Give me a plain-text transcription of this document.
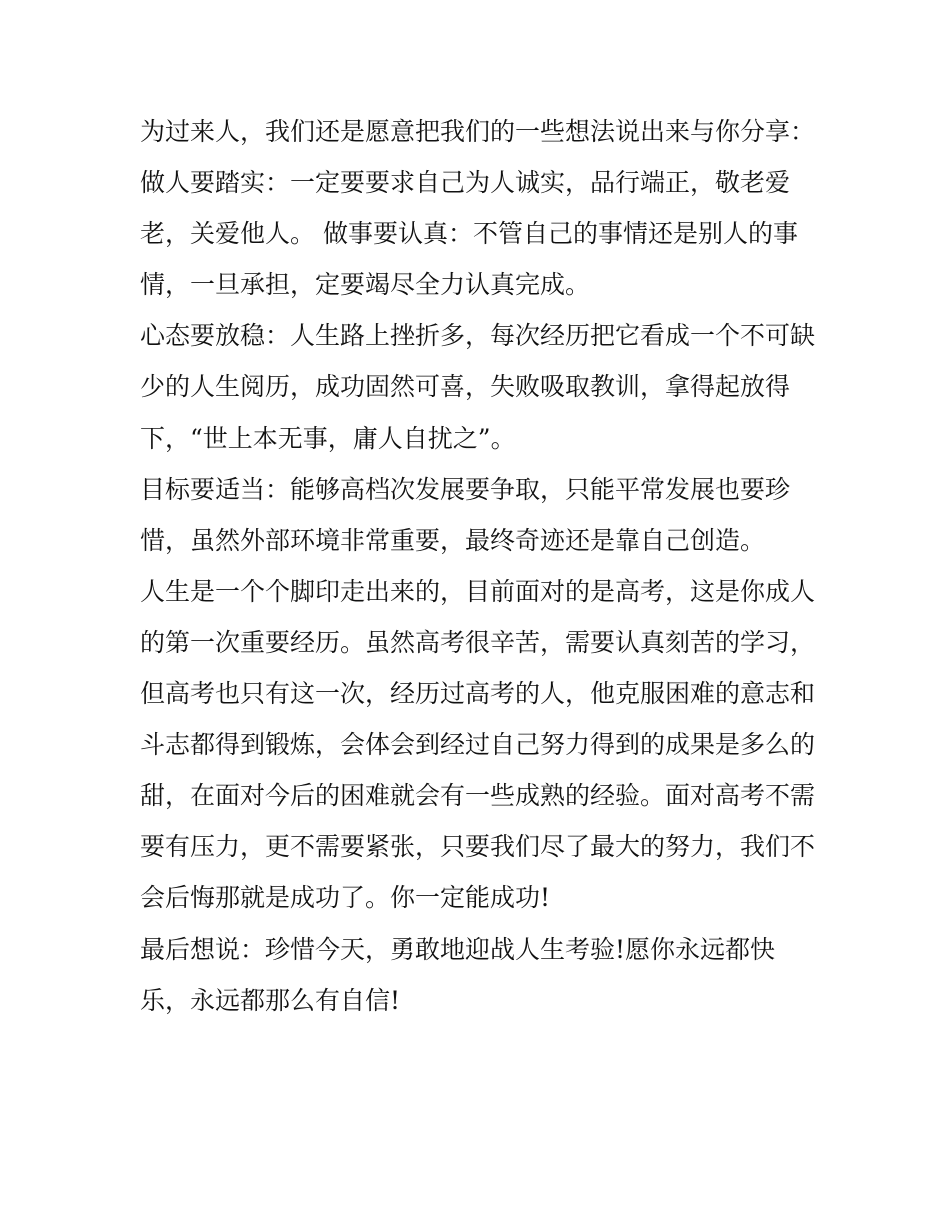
为过来人，我们还是愿意把我们的一些想法说出来与你分享：
做人要踏实：一定要要求自己为人诚实，品行端正，敬老爱
老，关爱他人。 做事要认真：不管自己的事情还是别人的事
情，一旦承担，定要竭尽全力认真完成。
心态要放稳：人生路上挫折多，每次经历把它看成一个不可缺
少的人生阅历，成功固然可喜，失败吸取教训，拿得起放得
下，“世上本无事，庸人自扰之”。
目标要适当：能够高档次发展要争取，只能平常发展也要珍
惜，虽然外部环境非常重要，最终奇迹还是靠自己创造。
人生是一个个脚印走出来的，目前面对的是高考，这是你成人
的第一次重要经历。虽然高考很辛苦，需要认真刻苦的学习，
但高考也只有这一次，经历过高考的人，他克服困难的意志和
斗志都得到锻炼，会体会到经过自己努力得到的成果是多么的
甜，在面对今后的困难就会有一些成熟的经验。面对高考不需
要有压力，更不需要紧张，只要我们尽了最大的努力，我们不
会后悔那就是成功了。你一定能成功!
最后想说：珍惜今天，勇敢地迎战人生考验!愿你永远都快
乐，永远都那么有自信!
